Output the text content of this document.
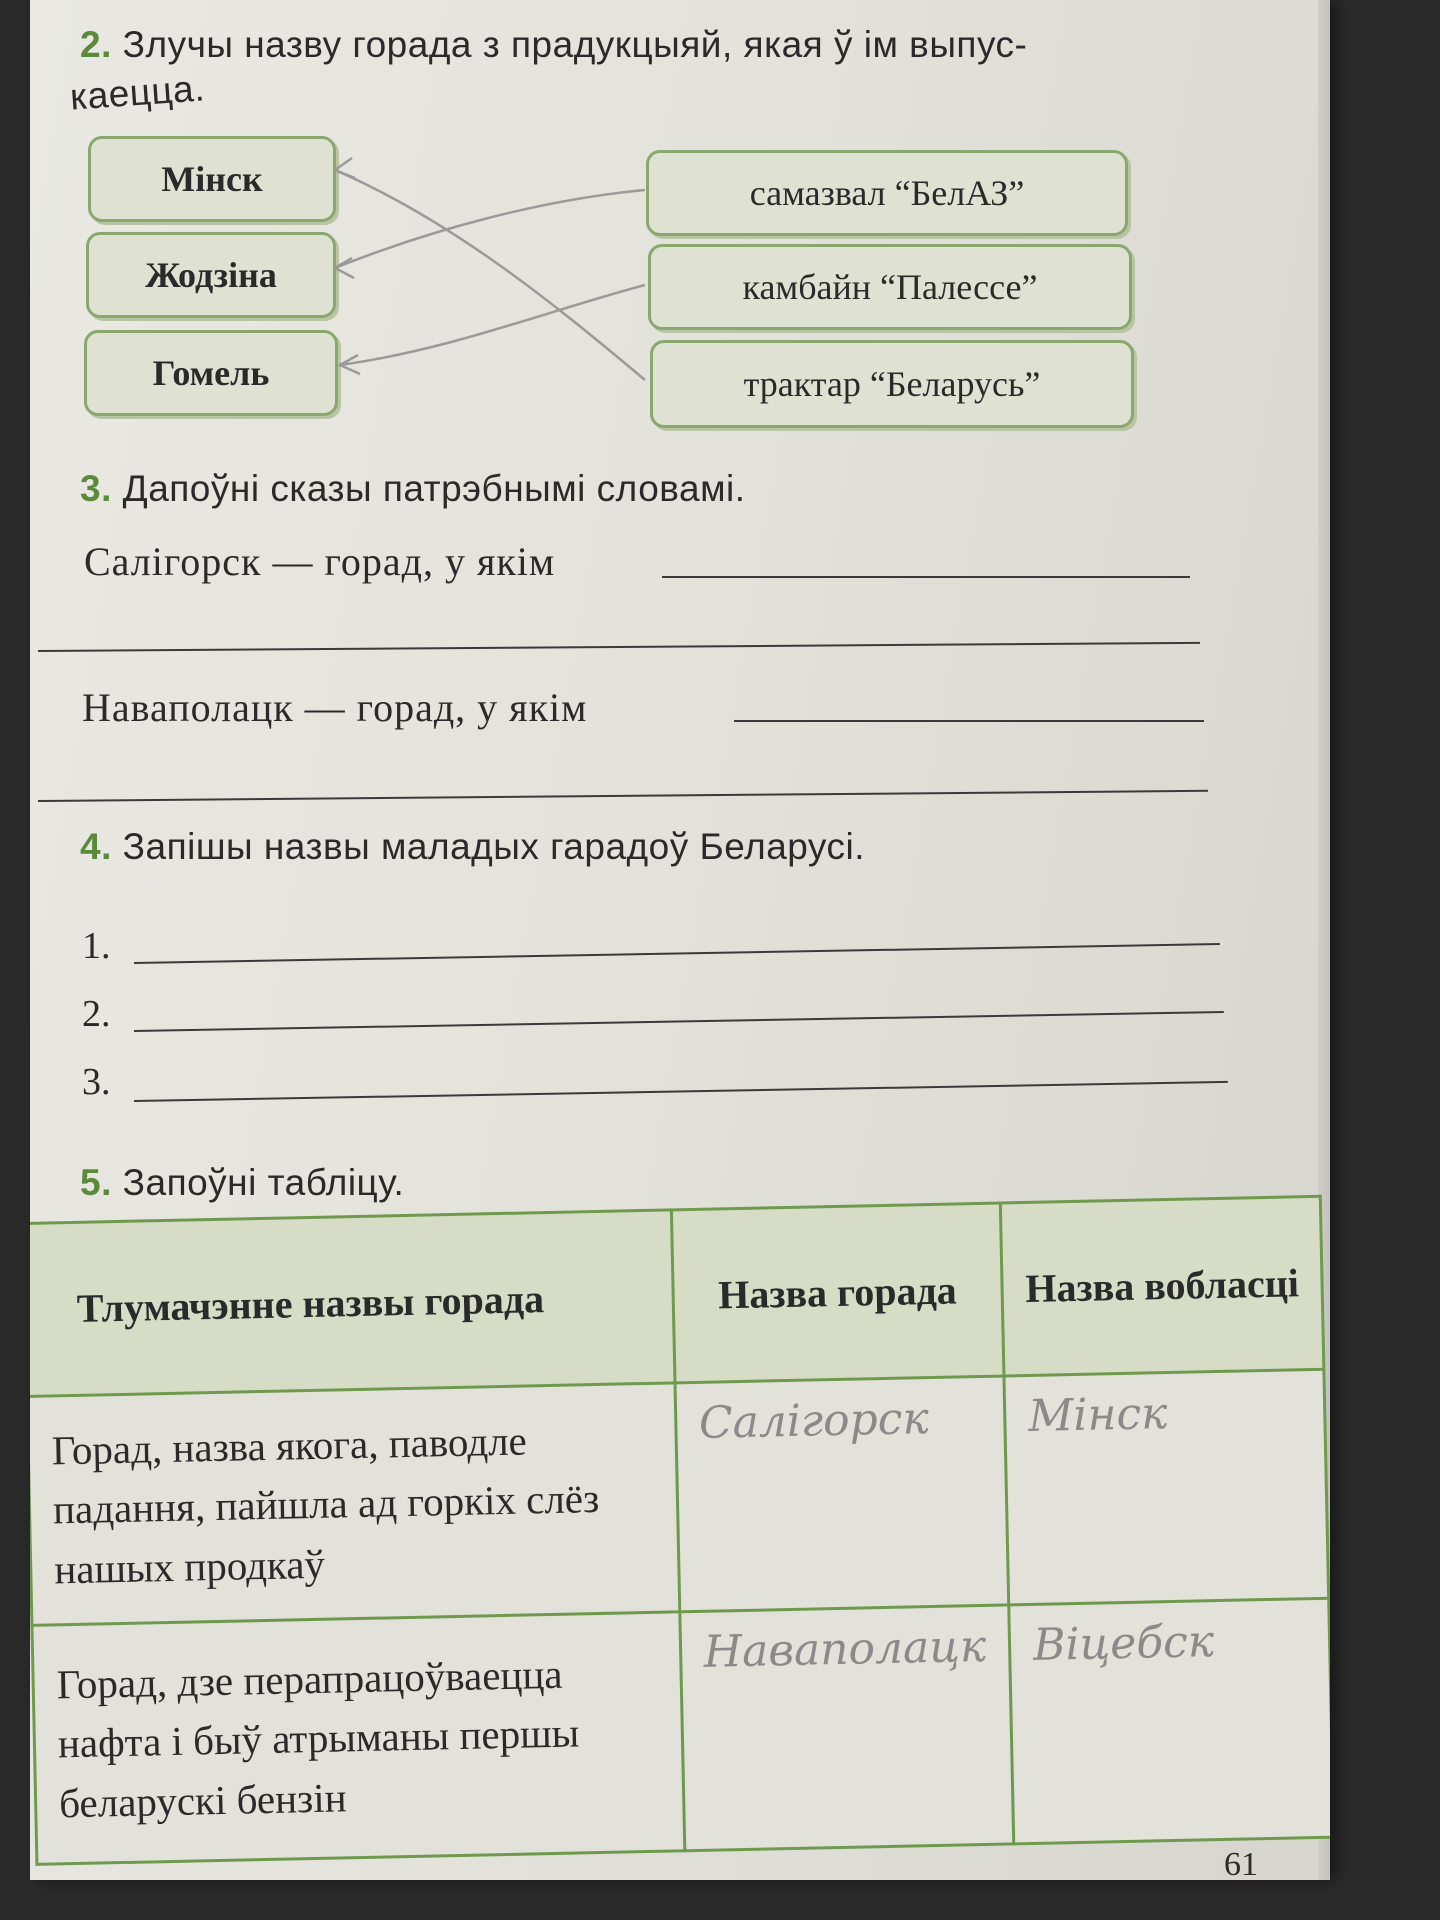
2. Злучы назву горада з прадукцыяй, якая ў ім выпус-
каецца.
Мінск
Жодзіна
Гомель
самазвал “БелАЗ”
камбайн “Палессе”
трактар “Беларусь”
3. Дапоўні сказы патрэбнымі словамі.
Салігорск — горад, у якім
Наваполацк — горад, у якім
4. Запішы назвы маладых гарадоў Беларусі.
1.
2.
3.
5. Запоўні табліцу.
Тлумачэнне назвы горада	Назва горада	Назва вобласці
Горад, назва якога, паводле падання, пайшла ад горкіх слёз нашых продкаў	Салігорск	Мінск
Горад, дзе перапрацоўваецца нафта і быў атрыманы першы беларускі бензін	Наваполацк	Віцебск
61
